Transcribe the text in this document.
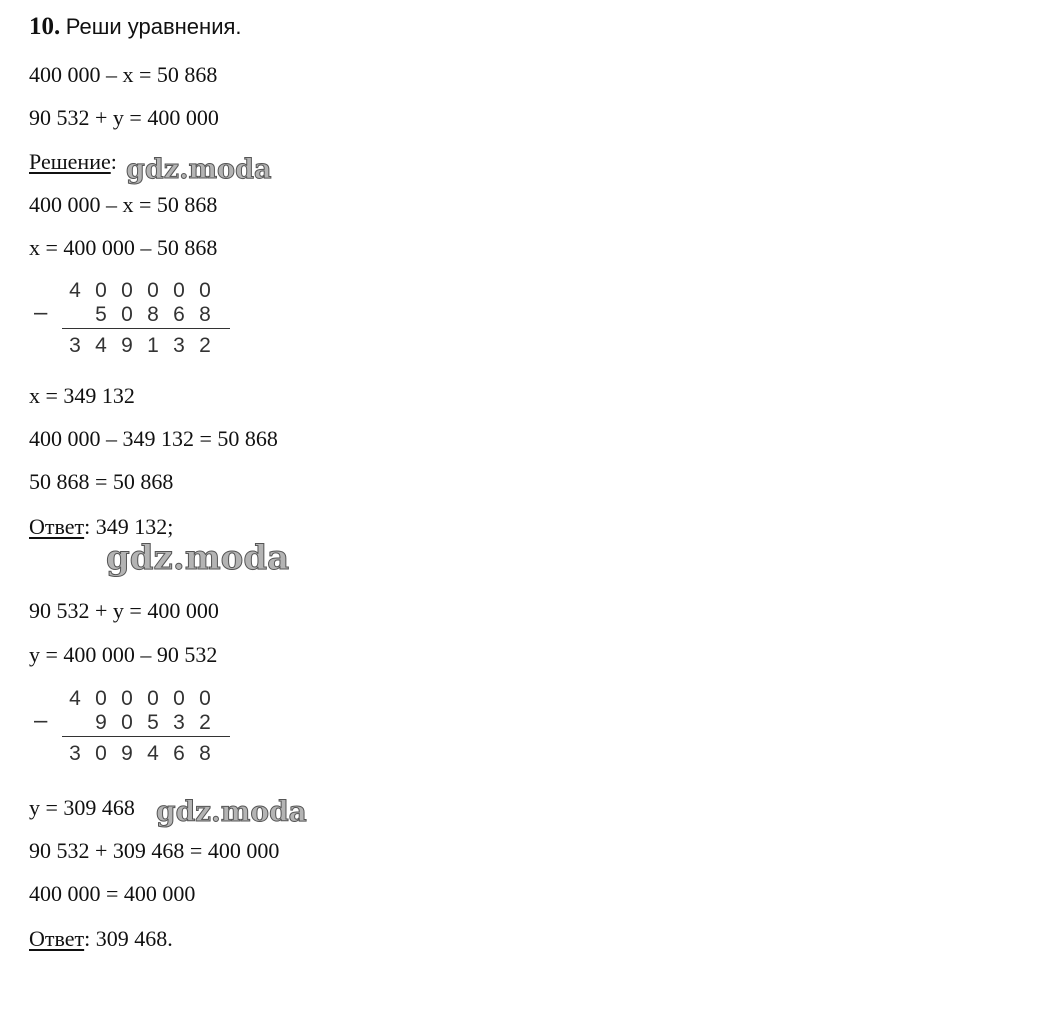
10. Реши уравнения.
400 000 – x = 50 868
90 532 + y = 400 000
Решение: gdz.moda
400 000 – x = 50 868
x = 400 000 – 50 868
–
4 0 0 0 0 0
5 0 8 6 8
3 4 9 1 3 2
x = 349 132
400 000 – 349 132 = 50 868
50 868 = 50 868
Ответ: 349 132;
gdz.moda
90 532 + y = 400 000
y = 400 000 – 90 532
–
4 0 0 0 0 0
9 0 5 3 2
3 0 9 4 6 8
y = 309 468 gdz.moda
90 532 + 309 468 = 400 000
400 000 = 400 000
Ответ: 309 468.
